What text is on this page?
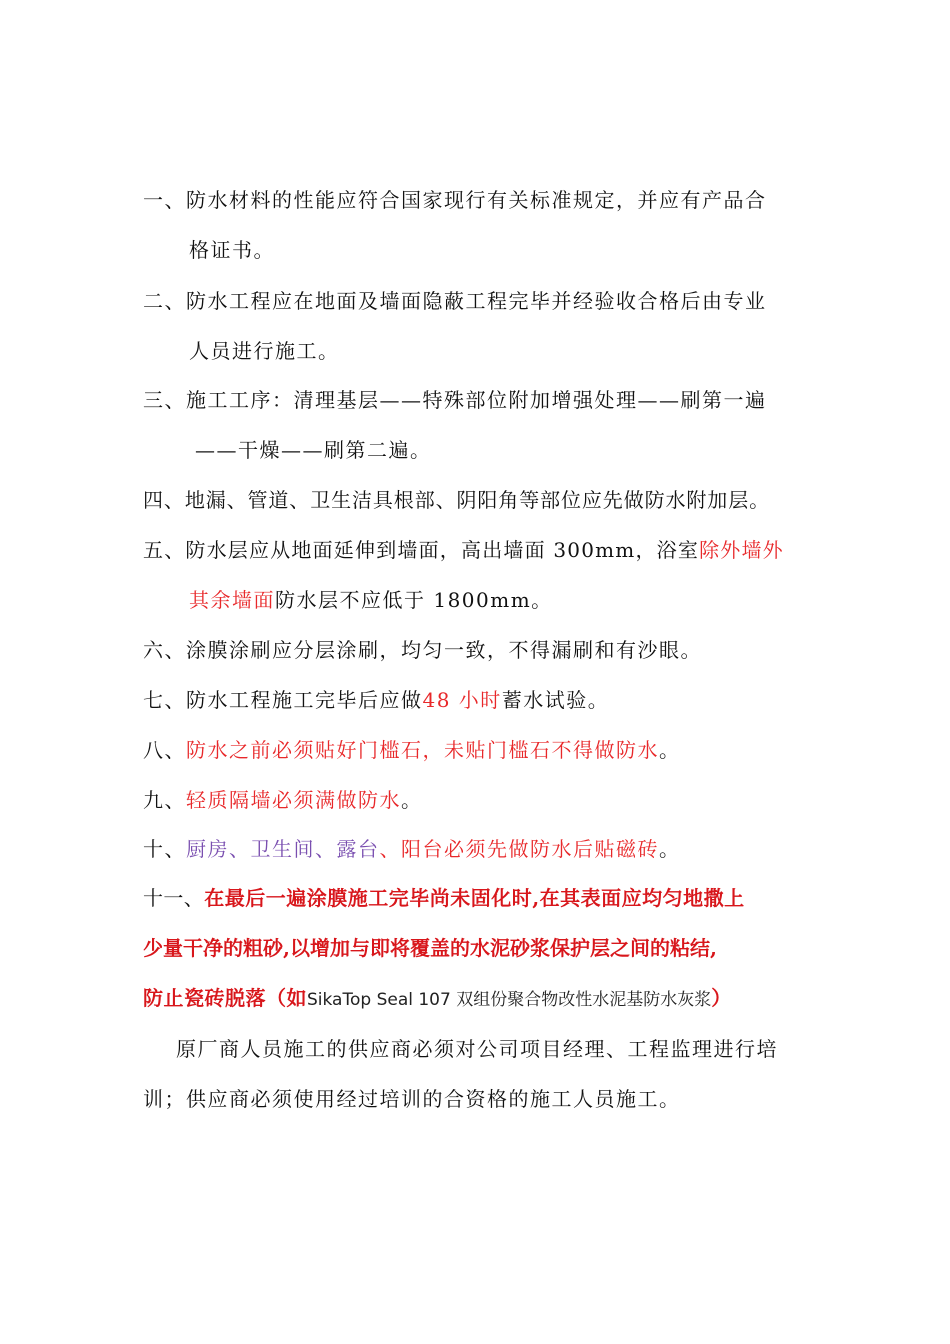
一、防水材料的性能应符合国家现行有关标准规定，并应有产品合
格证书。
二、防水工程应在地面及墙面隐蔽工程完毕并经验收合格后由专业
人员进行施工。
三、施工工序：清理基层——特殊部位附加增强处理——刷第一遍
——干燥——刷第二遍。
四、地漏、管道、卫生洁具根部、阴阳角等部位应先做防水附加层。
五、防水层应从地面延伸到墙面，高出墙面 300mm，浴室除外墙外
其余墙面防水层不应低于 1800mm。
六、涂膜涂刷应分层涂刷，均匀一致，不得漏刷和有沙眼。
七、防水工程施工完毕后应做48 小时蓄水试验。
八、防水之前必须贴好门槛石，未贴门槛石不得做防水。
九、轻质隔墙必须满做防水。
十、厨房、卫生间、露台、阳台必须先做防水后贴磁砖。
十一、在最后一遍涂膜施工完毕尚未固化时,在其表面应均匀地撒上
少量干净的粗砂,以增加与即将覆盖的水泥砂浆保护层之间的粘结,
防止瓷砖脱落（如SikaTop Seal 107 双组份聚合物改性水泥基防水灰浆）
原厂商人员施工的供应商必须对公司项目经理、工程监理进行培
训；供应商必须使用经过培训的合资格的施工人员施工。
